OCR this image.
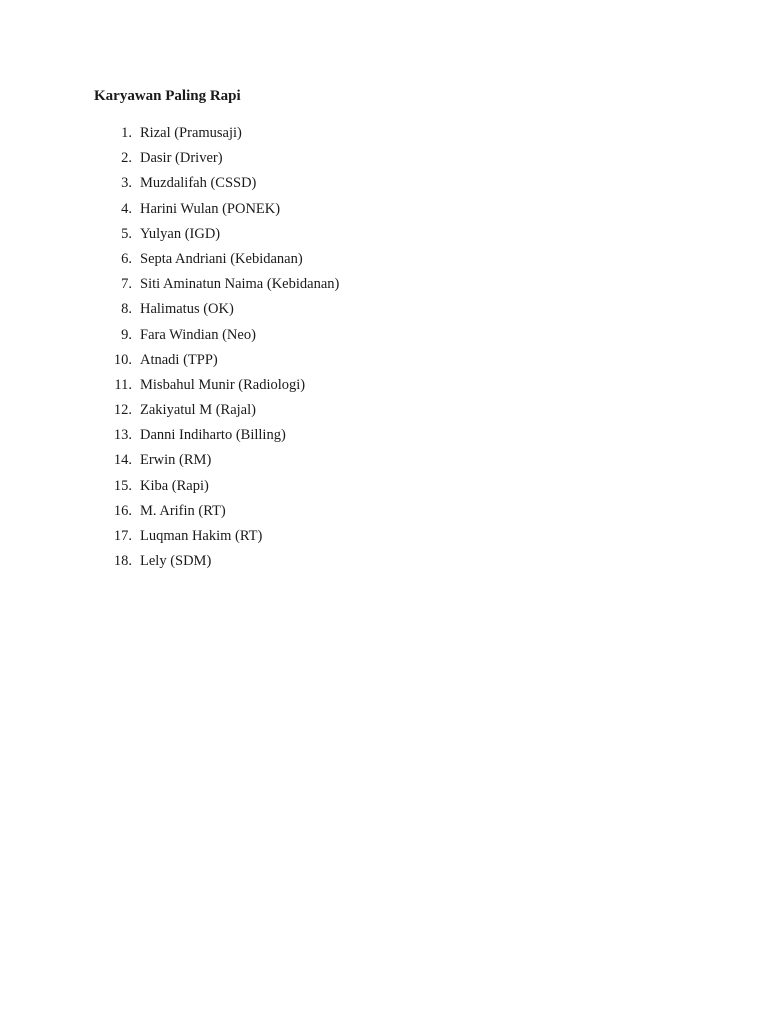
Karyawan Paling Rapi
1. Rizal (Pramusaji)
2. Dasir (Driver)
3. Muzdalifah (CSSD)
4. Harini Wulan (PONEK)
5. Yulyan (IGD)
6. Septa Andriani (Kebidanan)
7. Siti Aminatun Naima (Kebidanan)
8. Halimatus (OK)
9. Fara Windian (Neo)
10. Atnadi (TPP)
11. Misbahul Munir (Radiologi)
12. Zakiyatul M (Rajal)
13. Danni Indiharto (Billing)
14. Erwin (RM)
15. Kiba (Rapi)
16. M. Arifin (RT)
17. Luqman Hakim (RT)
18. Lely (SDM)
